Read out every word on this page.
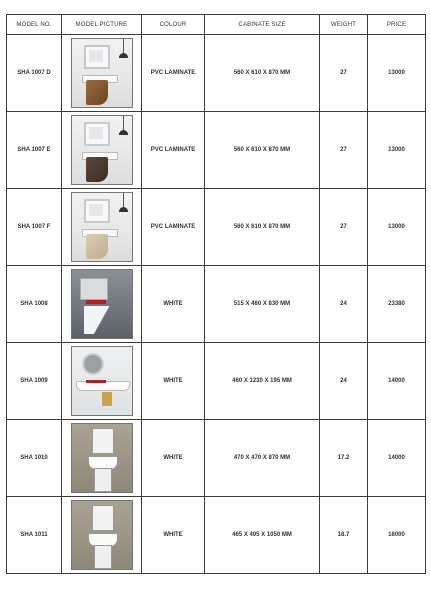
MODEL NO.	MODEL PICTURE	COLOUR	CABINATE SIZE	WEIGHT	PRICE
SHA 1007 D		PVC LAMINATE	560 X 610 X 870 MM	27	13000
SHA 1007 E		PVC LAMINATE	560 X 610 X 870 MM	27	13000
SHA 1007 F		PVC LAMINATE	560 X 610 X 870 MM	27	13000
SHA 1008		WHITE	515 X 460 X 830 MM	24	23380
SHA 1009		WHITE	460 X 1230 X 195 MM	24	14000
SHA 1010		WHITE	470 X 470 X 870 MM	17.2	14000
SHA 1011		WHITE	465 X 405 X 1050 MM	18.7	16000
